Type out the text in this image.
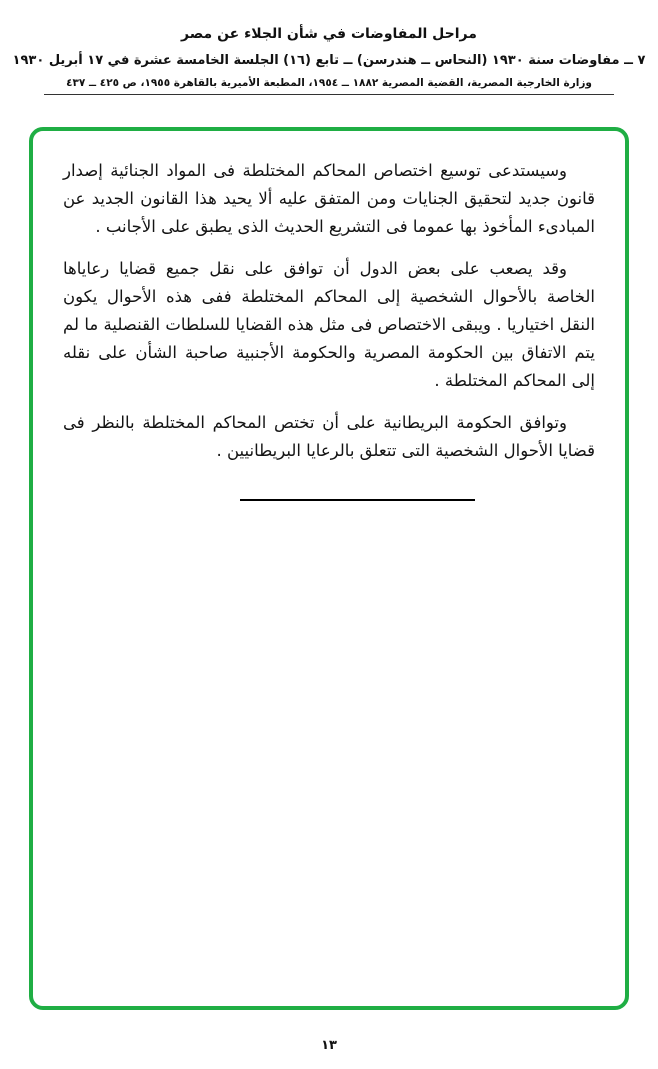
مراحل المفاوضات في شأن الجلاء عن مصر
٧ ــ مفاوضات سنة ١٩٣٠ (النحاس ــ هندرسن) ــ تابع (١٦) الجلسة الخامسة عشرة في ١٧ أبريل ١٩٣٠
وزارة الخارجية المصرية، القضية المصرية ١٨٨٢ ــ ١٩٥٤، المطبعة الأميرية بالقاهرة ١٩٥٥، ص ٤٢٥ ــ ٤٣٧

وسيستدعى توسيع اختصاص المحاكم المختلطة فى المواد الجنائية إصدار قانون جديد لتحقيق الجنايات ومن المتفق عليه ألا يحيد هذا القانون الجديد عن المبادىء المأخوذ بها عموما فى التشريع الحديث الذى يطبق على الأجانب .

وقد يصعب على بعض الدول أن توافق على نقل جميع قضايا رعاياها الخاصة بالأحوال الشخصية إلى المحاكم المختلطة ففى هذه الأحوال يكون النقل اختياريا . ويبقى الاختصاص فى مثل هذه القضايا للسلطات القنصلية ما لم يتم الاتفاق بين الحكومة المصرية والحكومة الأجنبية صاحبة الشأن على نقله إلى المحاكم المختلطة .

وتوافق الحكومة البريطانية على أن تختص المحاكم المختلطة بالنظر فى قضايا الأحوال الشخصية التى تتعلق بالرعايا البريطانيين .

١٣
